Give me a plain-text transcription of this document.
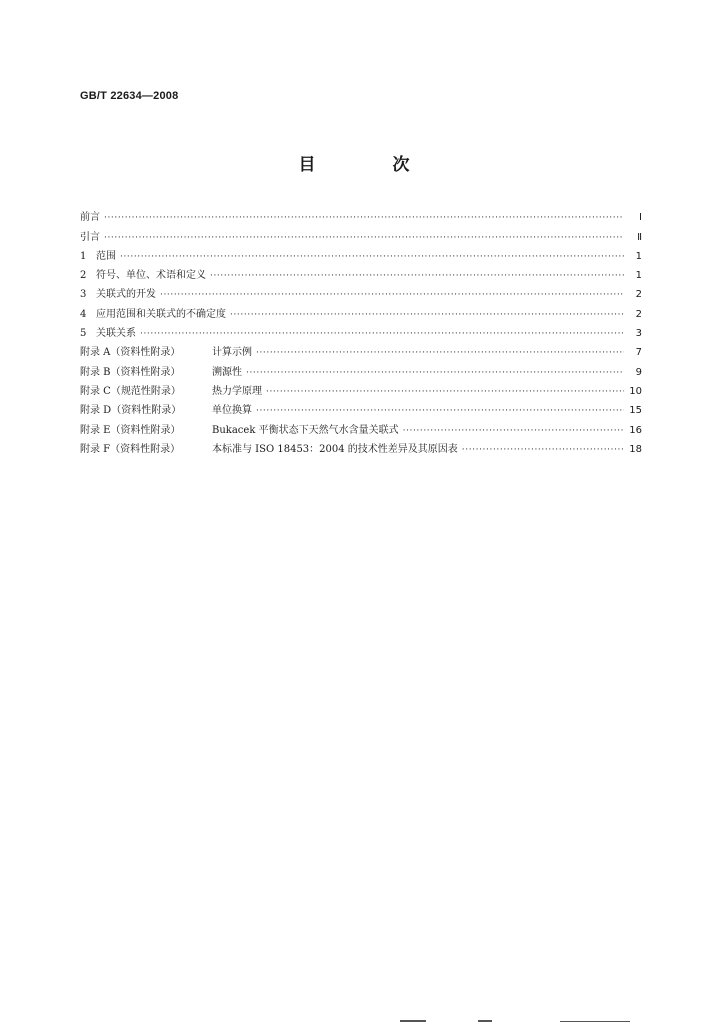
GB/T 22634—2008
目　次
前言 ·····	Ⅰ
引言 ·····	Ⅱ
1 范围 ·····	1
2 符号、单位、术语和定义 ·····	1
3 关联式的开发 ·····	2
4 应用范围和关联式的不确定度 ·····	2
5 关联关系 ·····	3
附录 A（资料性附录）	计算示例 ·····	7
附录 B（资料性附录）	溯源性 ·····	9
附录 C（规范性附录）	热力学原理 ·····	10
附录 D（资料性附录）	单位换算 ·····	15
附录 E（资料性附录）	Bukacek 平衡状态下天然气水含量关联式 ·····	16
附录 F（资料性附录）	本标准与 ISO 18453：2004 的技术性差异及其原因表 ·····	18
